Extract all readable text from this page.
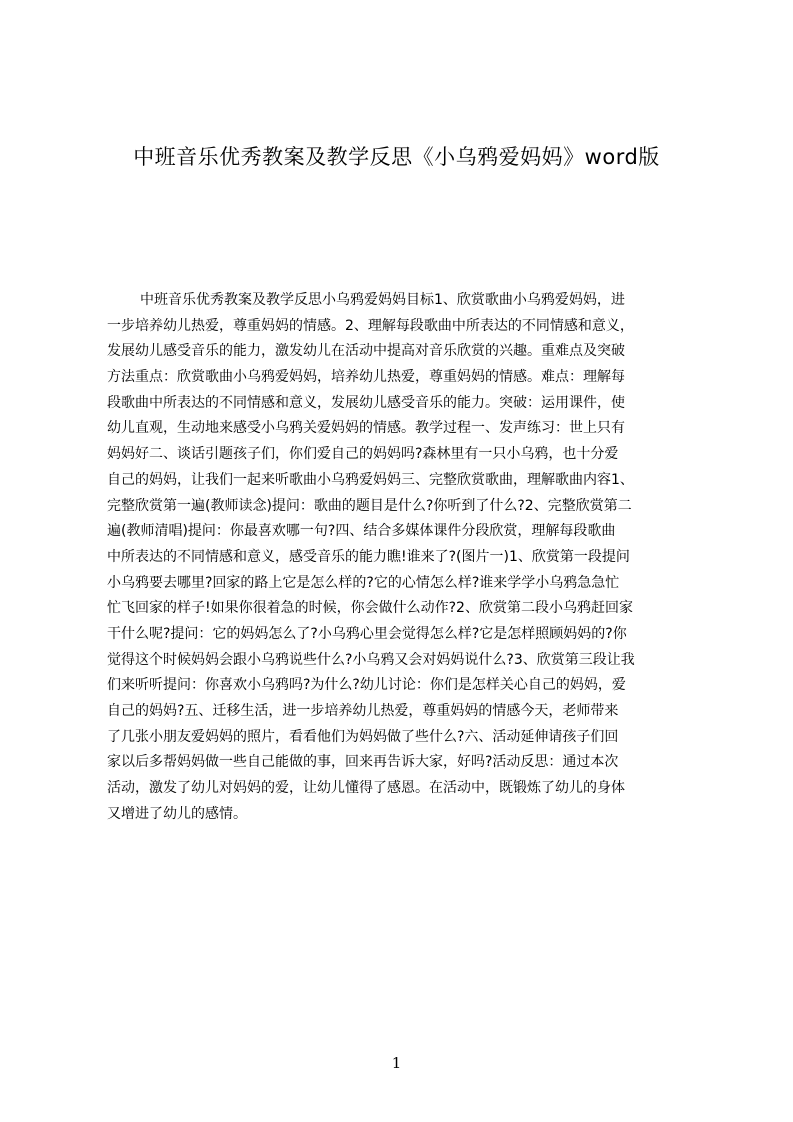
中班音乐优秀教案及教学反思《小乌鸦爱妈妈》word版
中班音乐优秀教案及教学反思小乌鸦爱妈妈目标1、欣赏歌曲小乌鸦爱妈妈，进
一步培养幼儿热爱，尊重妈妈的情感。2、理解每段歌曲中所表达的不同情感和意义，
发展幼儿感受音乐的能力，激发幼儿在活动中提高对音乐欣赏的兴趣。重难点及突破
方法重点：欣赏歌曲小乌鸦爱妈妈，培养幼儿热爱，尊重妈妈的情感。难点：理解每
段歌曲中所表达的不同情感和意义，发展幼儿感受音乐的能力。突破：运用课件，使
幼儿直观，生动地来感受小乌鸦关爱妈妈的情感。教学过程一、发声练习：世上只有
妈妈好二、谈话引题孩子们，你们爱自己的妈妈吗?森林里有一只小乌鸦，也十分爱
自己的妈妈，让我们一起来听歌曲小乌鸦爱妈妈三、完整欣赏歌曲，理解歌曲内容1、
完整欣赏第一遍(教师读念)提问：歌曲的题目是什么?你听到了什么?2、完整欣赏第二
遍(教师清唱)提问：你最喜欢哪一句?四、结合多媒体课件分段欣赏，理解每段歌曲
中所表达的不同情感和意义，感受音乐的能力瞧!谁来了?(图片一)1、欣赏第一段提问
小乌鸦要去哪里?回家的路上它是怎么样的?它的心情怎么样?谁来学学小乌鸦急急忙
忙飞回家的样子!如果你很着急的时候，你会做什么动作?2、欣赏第二段小乌鸦赶回家
干什么呢?提问：它的妈妈怎么了?小乌鸦心里会觉得怎么样?它是怎样照顾妈妈的?你
觉得这个时候妈妈会跟小乌鸦说些什么?小乌鸦又会对妈妈说什么?3、欣赏第三段让我
们来听听提问：你喜欢小乌鸦吗?为什么?幼儿讨论：你们是怎样关心自己的妈妈，爱
自己的妈妈?五、迁移生活，进一步培养幼儿热爱，尊重妈妈的情感今天，老师带来
了几张小朋友爱妈妈的照片，看看他们为妈妈做了些什么?六、活动延伸请孩子们回
家以后多帮妈妈做一些自己能做的事，回来再告诉大家，好吗?活动反思：通过本次
活动，激发了幼儿对妈妈的爱，让幼儿懂得了感恩。在活动中，既锻炼了幼儿的身体
又增进了幼儿的感情。
1
